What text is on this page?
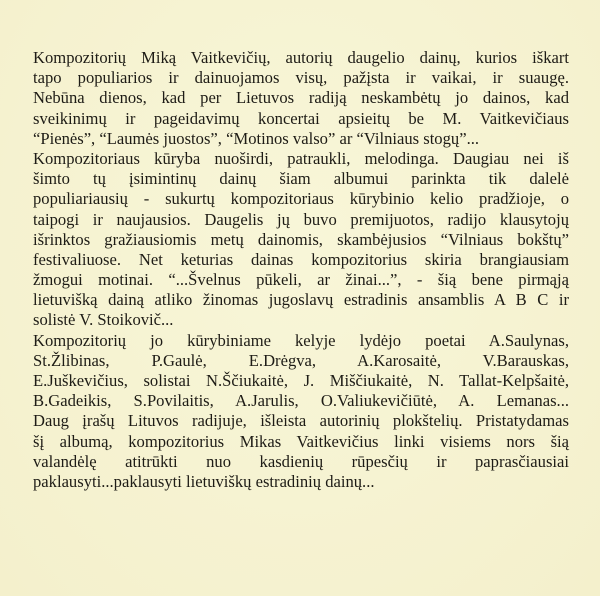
Kompozitorių Miką Vaitkevičių, autorių daugelio dainų, kurios iškart
tapo populiarios ir dainuojamos visų, pažįsta ir vaikai, ir suaugę.
Nebūna dienos, kad per Lietuvos radiją neskambėtų jo dainos, kad
sveikinimų ir pageidavimų koncertai apsieitų be M. Vaitkevičiaus
“Pienės”, “Laumės juostos”, “Motinos valso” ar “Vilniaus stogų”...
Kompozitoriaus kūryba nuoširdi, patraukli, melodinga. Daugiau nei iš
šimto tų įsimintinų dainų šiam albumui parinkta tik dalelė
populiariausių - sukurtų kompozitoriaus kūrybinio kelio pradžioje, o
taipogi ir naujausios. Daugelis jų buvo premijuotos, radijo klausytojų
išrinktos gražiausiomis metų dainomis, skambėjusios “Vilniaus bokštų”
festivaliuose. Net keturias dainas kompozitorius skiria brangiausiam
žmogui motinai. “...Švelnus pūkeli, ar žinai...”, - šią bene pirmąją
lietuvišką dainą atliko žinomas jugoslavų estradinis ansamblis A B C ir
solistė V. Stoikovič...
Kompozitorių jo kūrybiniame kelyje lydėjo poetai A.Saulynas,
St.Žlibinas, P.Gaulė, E.Drėgva, A.Karosaitė, V.Barauskas,
E.Juškevičius, solistai N.Ščiukaitė, J. Miščiukaitė, N. Tallat-Kelpšaitė,
B.Gadeikis, S.Povilaitis, A.Jarulis, O.Valiukevičiūtė, A. Lemanas...
Daug įrašų Lituvos radijuje, išleista autorinių plokštelių. Pristatydamas
šį albumą, kompozitorius Mikas Vaitkevičius linki visiems nors šią
valandėlę atitrūkti nuo kasdienių rūpesčių ir paprasčiausiai
paklausyti...paklausyti lietuviškų estradinių dainų...
